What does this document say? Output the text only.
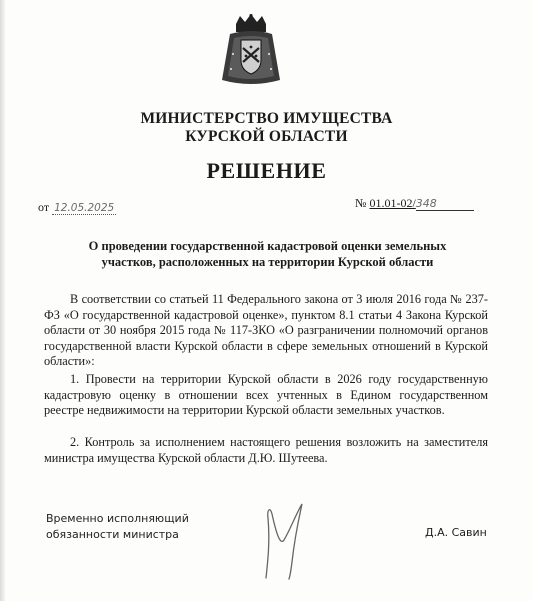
МИНИСТЕРСТВО ИМУЩЕСТВА
КУРСКОЙ ОБЛАСТИ
РЕШЕНИЕ
от 12.05.2025	№ 01.01-02/348
О проведении государственной кадастровой оценки земельных
участков, расположенных на территории Курской области

В соответствии со статьей 11 Федерального закона от 3 июля 2016 года № 237-ФЗ «О государственной кадастровой оценке», пунктом 8.1 статьи 4 Закона Курской области от 30 ноября 2015 года № 117-ЗКО «О разграничении полномочий органов государственной власти Курской области в сфере земельных отношений в Курской области»:

1. Провести на территории Курской области в 2026 году государственную кадастровую оценку в отношении всех учтенных в Едином государственном реестре недвижимости на территории Курской области земельных участков.

2. Контроль за исполнением настоящего решения возложить на заместителя министра имущества Курской области Д.Ю. Шутеева.

Временно исполняющий
обязанности министра	Д.А. Савин
